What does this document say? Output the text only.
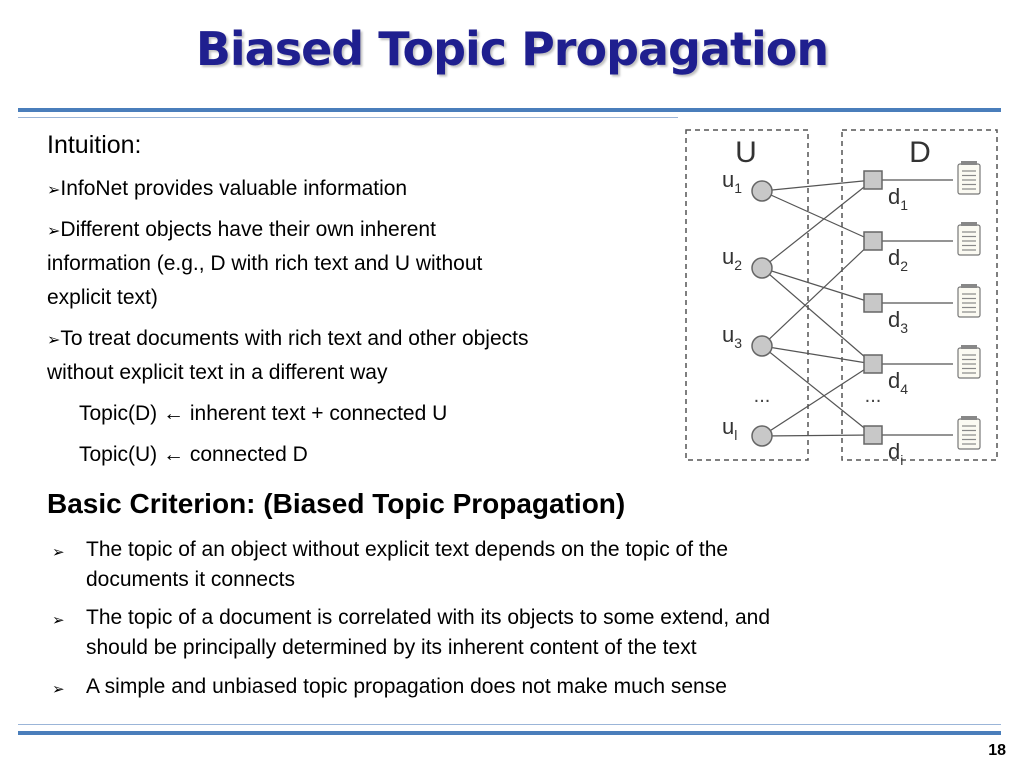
Biased Topic Propagation
Intuition:
➢InfoNet provides valuable information
➢Different objects have their own inherent
information (e.g., D with rich text and U without
explicit text)
➢To treat documents with rich text and other objects
without explicit text in a different way
Topic(D) ← inherent text + connected U
Topic(U) ← connected D
U	D
$u_1$
$u_2$
$u_3$
$u_l$
$d_1$
$d_2$
$d_3$
$d_4$
$d_i$
...	...
Basic Criterion: (Biased Topic Propagation)
➢ The topic of an object without explicit text depends on the topic of the
documents it connects
➢ The topic of a document is correlated with its objects to some extend, and
should be principally determined by its inherent content of the text
➢ A simple and unbiased topic propagation does not make much sense
18
